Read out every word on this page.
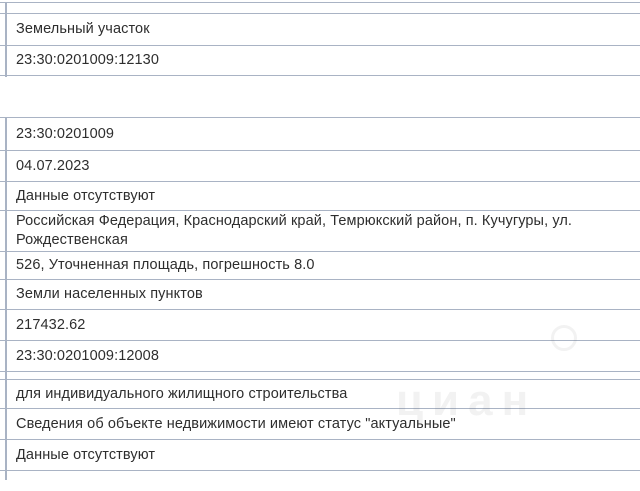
Земельный участок
23:30:0201009:12130
23:30:0201009
04.07.2023
Данные отсутствуют
Российская Федерация, Краснодарский край, Темрюкский район, п. Кучугуры, ул. Рождественская
526, Уточненная площадь, погрешность 8.0
Земли населенных пунктов
217432.62
23:30:0201009:12008
для индивидуального жилищного строительства
Сведения об объекте недвижимости имеют статус "актуальные"
Данные отсутствуют
циан
